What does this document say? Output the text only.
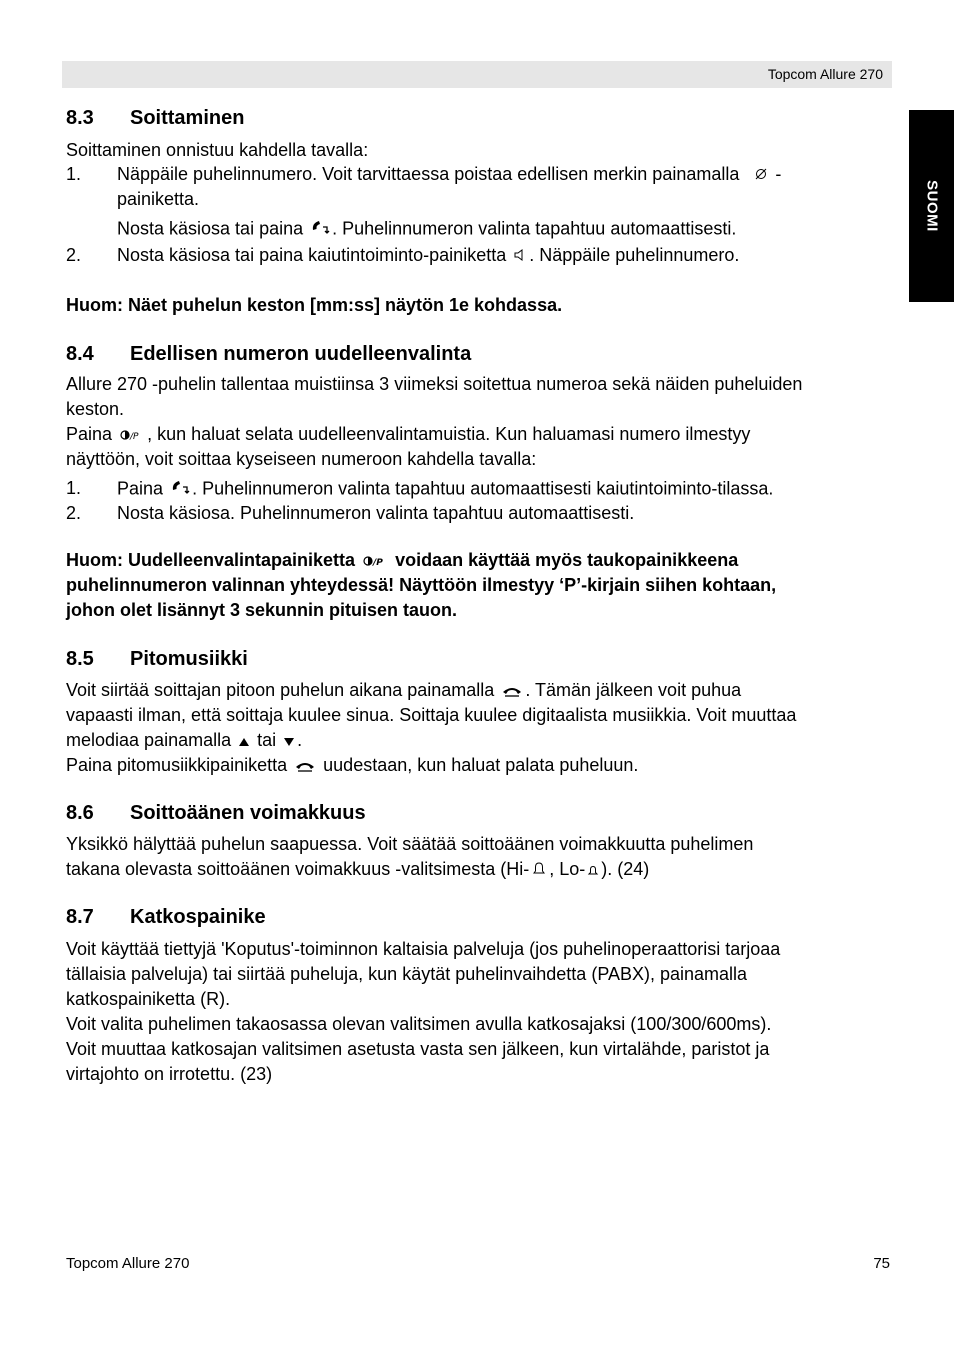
Topcom Allure 270
SUOMI
8.3 Soittaminen
Soittaminen onnistuu kahdella tavalla:
1. Näppäile puhelinnumero. Voit tarvittaessa poistaa edellisen merkin painamalla -
painiketta.
Nosta käsiosa tai paina . Puhelinnumeron valinta tapahtuu automaattisesti.
2. Nosta käsiosa tai paina kaiutintoiminto-painiketta . Näppäile puhelinnumero.
Huom: Näet puhelun keston [mm:ss] näytön 1e kohdassa.
8.4 Edellisen numeron uudelleenvalinta
Allure 270 -puhelin tallentaa muistiinsa 3 viimeksi soitettua numeroa sekä näiden puheluiden
keston.
Paina /P , kun haluat selata uudelleenvalintamuistia. Kun haluamasi numero ilmestyy
näyttöön, voit soittaa kyseiseen numeroon kahdella tavalla:
1. Paina . Puhelinnumeron valinta tapahtuu automaattisesti kaiutintoiminto-tilassa.
2. Nosta käsiosa. Puhelinnumeron valinta tapahtuu automaattisesti.
Huom: Uudelleenvalintapainiketta /P voidaan käyttää myös taukopainikkeena
puhelinnumeron valinnan yhteydessä! Näyttöön ilmestyy ‘P’-kirjain siihen kohtaan,
johon olet lisännyt 3 sekunnin pituisen tauon.
8.5 Pitomusiikki
Voit siirtää soittajan pitoon puhelun aikana painamalla . Tämän jälkeen voit puhua
vapaasti ilman, että soittaja kuulee sinua. Soittaja kuulee digitaalista musiikkia. Voit muuttaa
melodiaa painamalla tai .
Paina pitomusiikkipainiketta uudestaan, kun haluat palata puheluun.
8.6 Soittoäänen voimakkuus
Yksikkö hälyttää puhelun saapuessa. Voit säätää soittoäänen voimakkuutta puhelimen
takana olevasta soittoäänen voimakkuus -valitsimesta (Hi- , Lo- ). (24)
8.7 Katkospainike
Voit käyttää tiettyjä 'Koputus'-toiminnon kaltaisia palveluja (jos puhelinoperaattorisi tarjoaa
tällaisia palveluja) tai siirtää puheluja, kun käytät puhelinvaihdetta (PABX), painamalla
katkospainiketta (R).
Voit valita puhelimen takaosassa olevan valitsimen avulla katkosajaksi (100/300/600ms).
Voit muuttaa katkosajan valitsimen asetusta vasta sen jälkeen, kun virtalähde, paristot ja
virtajohto on irrotettu. (23)
Topcom Allure 270	75
